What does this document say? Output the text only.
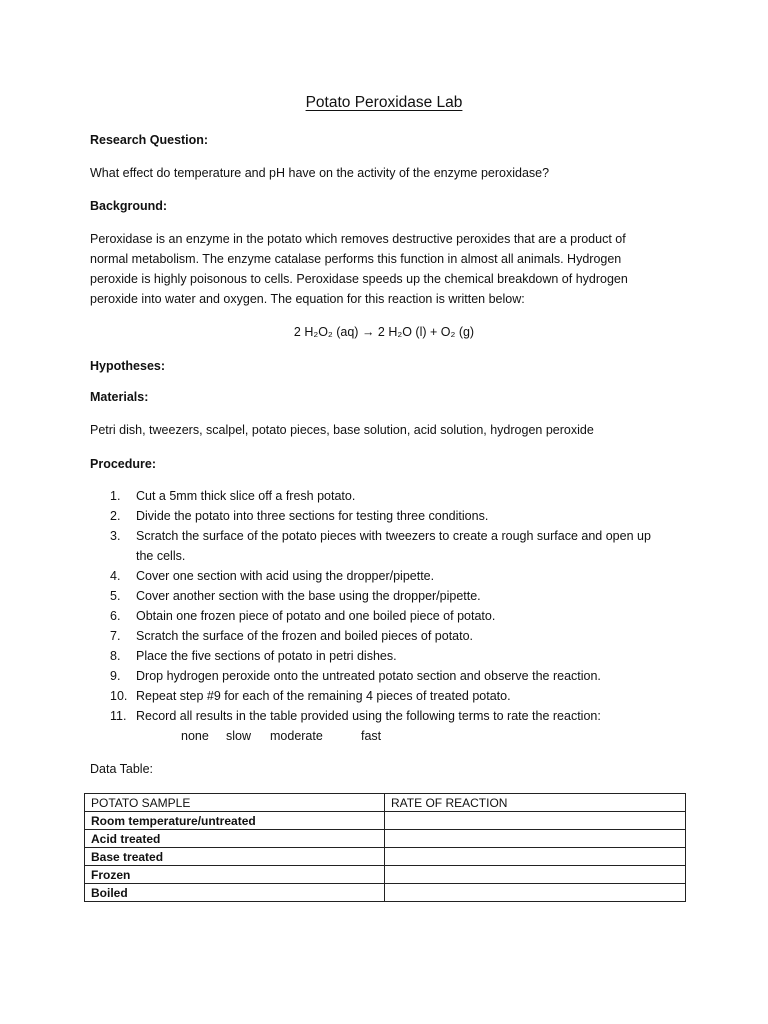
Potato Peroxidase Lab
Research Question:
What effect do temperature and pH have on the activity of the enzyme peroxidase?
Background:
Peroxidase is an enzyme in the potato which removes destructive peroxides that are a product of
normal metabolism. The enzyme catalase performs this function in almost all animals. Hydrogen
peroxide is highly poisonous to cells. Peroxidase speeds up the chemical breakdown of hydrogen
peroxide into water and oxygen. The equation for this reaction is written below:
2 H₂O₂ (aq) → 2 H₂O (l) + O₂ (g)
Hypotheses:
Materials:
Petri dish, tweezers, scalpel, potato pieces, base solution, acid solution, hydrogen peroxide
Procedure:
1.	Cut a 5mm thick slice off a fresh potato.
2.	Divide the potato into three sections for testing three conditions.
3.	Scratch the surface of the potato pieces with tweezers to create a rough surface and open up
the cells.
4.	Cover one section with acid using the dropper/pipette.
5.	Cover another section with the base using the dropper/pipette.
6.	Obtain one frozen piece of potato and one boiled piece of potato.
7.	Scratch the surface of the frozen and boiled pieces of potato.
8.	Place the five sections of potato in petri dishes.
9.	Drop hydrogen peroxide onto the untreated potato section and observe the reaction.
10. Repeat step #9 for each of the remaining 4 pieces of treated potato.
11. Record all results in the table provided using the following terms to rate the reaction:
none	slow	moderate	fast
Data Table:
POTATO SAMPLE	RATE OF REACTION
Room temperature/untreated	
Acid treated	
Base treated	
Frozen	
Boiled	
